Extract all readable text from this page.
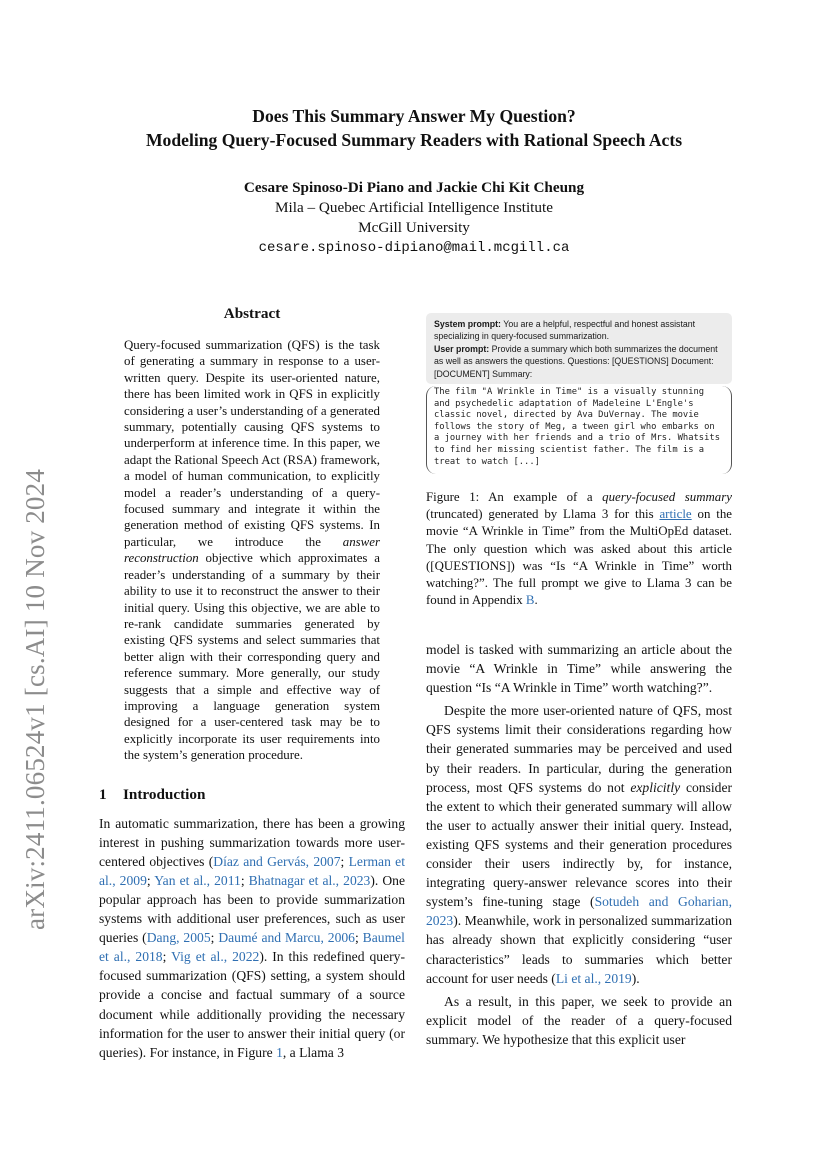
arXiv:2411.06524v1 [cs.AI] 10 Nov 2024
Does This Summary Answer My Question?
Modeling Query-Focused Summary Readers with Rational Speech Acts
Cesare Spinoso-Di Piano and Jackie Chi Kit Cheung
Mila – Quebec Artificial Intelligence Institute
McGill University
cesare.spinoso-dipiano@mail.mcgill.ca
Abstract

Query-focused summarization (QFS) is the task of generating a summary in response to a user-written query. Despite its user-oriented nature, there has been limited work in QFS in explicitly considering a user’s understanding of a generated summary, potentially causing QFS systems to underperform at inference time. In this paper, we adapt the Rational Speech Act (RSA) framework, a model of human communication, to explicitly model a reader’s understanding of a query-focused summary and integrate it within the generation method of existing QFS systems. In particular, we introduce the answer reconstruction objective which approximates a reader’s understanding of a summary by their ability to use it to reconstruct the answer to their initial query. Using this objective, we are able to re-rank candidate summaries generated by existing QFS systems and select summaries that better align with their corresponding query and reference summary. More generally, our study suggests that a simple and effective way of improving a language generation system designed for a user-centered task may be to explicitly incorporate its user requirements into the system’s generation procedure.

1 Introduction

In automatic summarization, there has been a growing interest in pushing summarization towards more user-centered objectives (Díaz and Gervás, 2007; Lerman et al., 2009; Yan et al., 2011; Bhatnagar et al., 2023). One popular approach has been to provide summarization systems with additional user preferences, such as user queries (Dang, 2005; Daumé and Marcu, 2006; Baumel et al., 2018; Vig et al., 2022). In this redefined query-focused summarization (QFS) setting, a system should provide a concise and factual summary of a source document while additionally providing the necessary information for the user to answer their initial query (or queries). For instance, in Figure 1, a Llama 3

System prompt: You are a helpful, respectful and honest assistant specializing in query-focused summarization.
User prompt: Provide a summary which both summarizes the document as well as answers the questions. Questions: [QUESTIONS] Document: [DOCUMENT] Summary:
The film "A Wrinkle in Time" is a visually stunning and psychedelic adaptation of Madeleine L'Engle's classic novel, directed by Ava DuVernay. The movie follows the story of Meg, a tween girl who embarks on a journey with her friends and a trio of Mrs. Whatsits to find her missing scientist father. The film is a treat to watch [...]
Figure 1: An example of a query-focused summary (truncated) generated by Llama 3 for this article on the movie “A Wrinkle in Time” from the MultiOpEd dataset. The only question which was asked about this article ([QUESTIONS]) was “Is “A Wrinkle in Time” worth watching?”. The full prompt we give to Llama 3 can be found in Appendix B.

model is tasked with summarizing an article about the movie “A Wrinkle in Time” while answering the question “Is “A Wrinkle in Time” worth watching?”.

Despite the more user-oriented nature of QFS, most QFS systems limit their considerations regarding how their generated summaries may be perceived and used by their readers. In particular, during the generation process, most QFS systems do not explicitly consider the extent to which their generated summary will allow the user to actually answer their initial query. Instead, existing QFS systems and their generation procedures consider their users indirectly by, for instance, integrating query-answer relevance scores into their system’s fine-tuning stage (Sotudeh and Goharian, 2023). Meanwhile, work in personalized summarization has already shown that explicitly considering “user characteristics” leads to summaries which better account for user needs (Li et al., 2019).

As a result, in this paper, we seek to provide an explicit model of the reader of a query-focused summary. We hypothesize that this explicit user
